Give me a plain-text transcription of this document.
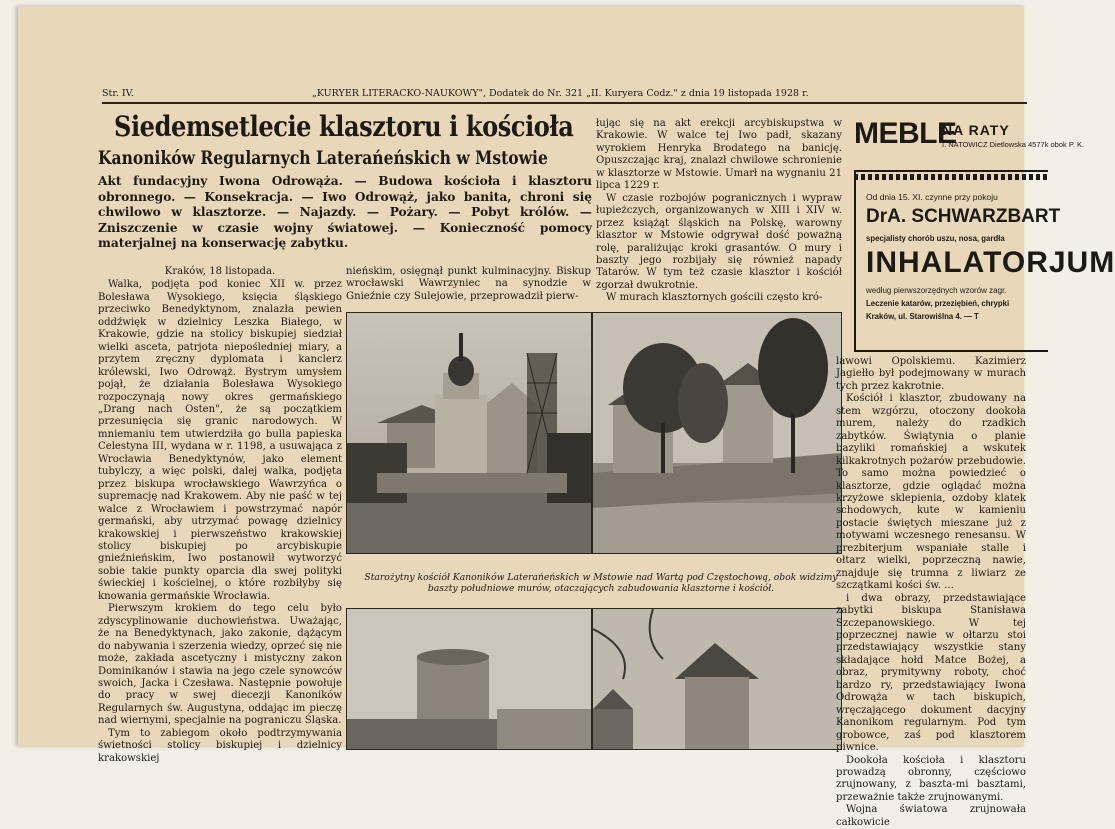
Str. IV.	„KURYER LITERACKO-NAUKOWY", Dodatek do Nr. 321 „II. Kuryera Codz." z dnia 19 listopada 1928 r.
Siedemsetlecie klasztoru i kościoła
Kanoników Regularnych Laterańeńskich w Mstowie
Akt fundacyjny Iwona Odrowąża. — Budowa kościoła i klasztoru obronnego. — Konsekracja. — Iwo Odrowąż, jako banita, chroni się chwilowo w klasztorze. — Najazdy. — Pożary. — Pobyt królów. — Zniszczenie w czasie wojny światowej. — Konieczność pomocy materjalnej na konserwację zabytku.

Kraków, 18 listopada.

Walka, podjęta pod koniec XII w. przez Bolesława Wysokiego, księcia śląskiego przeciwko Benedyktynom, znalazła pewien oddźwięk w dzielnicy Leszka Białego, w Krakowie, gdzie na stolicy biskupiej siedział wielki asceta, patrjota niepośledniej miary, a przytem zręczny dyplomata i kanclerz królewski, Iwo Odrowąż. Bystrym umysłem pojął, że działania Bolesława Wysokiego rozpoczynają nowy okres germańskiego „Drang nach Osten", że są początkiem przesunięcia się granic narodowych. W mniemaniu tem utwierdziła go bulla papieska Celestyna III, wydana w r. 1198, a usuwająca z Wrocławia Benedyktynów, jako element tubylczy, a więc polski, dalej walka, podjęta przez biskupa wrocławskiego Wawrzyńca o supremację nad Krakowem. Aby nie paść w tej walce z Wrocławiem i powstrzymać napór germański, aby utrzymać powagę dzielnicy krakowskiej i pierwszeństwo krakowskiej stolicy biskupiej po arcybiskupie gnieźnieńskim, Iwo postanowił wytworzyć sobie takie punkty oparcia dla swej polityki świeckiej i kościelnej, o które rozbiłyby się knowania germańskie Wrocławia.

Pierwszym krokiem do tego celu było zdyscyplinowanie duchowieństwa. Uważając, że na Benedyktynach, jako zakonie, dążącym do nabywania i szerzenia wiedzy, oprzeć się nie może, zakłada ascetyczny i mistyczny zakon Dominikanów i stawia na jego czele synowców swoich, Jacka i Czesława. Następnie powołuje do pracy w swej diecezji Kanoników Regularnych św. Augustyna, oddając im pieczę nad wiernymi, specjalnie na pograniczu Śląska.

Tym to zabiegom około podtrzymywania świetności stolicy biskupiej i dzielnicy krakowskiej

nieńskim, osięgnął punkt kulminacyjny. Biskup wrocławski Wawrzyniec na synodzie w Gnieźnie czy Sulejowie, przeprowadził pierw-

łując się na akt erekcji arcybiskupstwa w Krakowie. W walce tej Iwo padł, skazany wyrokiem Henryka Brodatego na banicję. Opuszczając kraj, znalazł chwilowe schronienie w klasztorze w Mstowie. Umarł na wygnaniu 21 lipca 1229 r.

W czasie rozbojów pogranicznych i wypraw łupieżczych, organizowanych w XIII i XIV w. przez książąt śląskich na Polskę, warowny klasztor w Mstowie odgrywał dość poważną rolę, paraliżując kroki grasantów. O mury i baszty jego rozbijały się również napady Tatarów. W tym też czasie klasztor i kościół zgorzał dwukrotnie.

W murach klasztornych gościli często kró-

Starożytny kościół Kanoników Laterańeńskich w Mstowie nad Wartą pod Częstochową, obok widzimy baszty południowe murów, otaczających zabudowania klasztorne i kościół.
MEBLE
NA RATY
I. NATOWICZ Dietlowska 4577k obok P. K.
Od dnia 15. XI. czynne przy pokoju
DrA. SCHWARZBART
specjalisty chorób uszu, nosa, gardła
INHALATORJUM
według pierwszorzędnych wzorów zagr.
Leczenie katarów, przeziębień, chrypki
Kraków, ul. Starowiślna 4. — T

lawowi Opolskiemu. Kazimierz Jagiełło był podejmowany w murach tych przez kakrotnie.

Kościół i klasztor, zbudowany na stem wzgórzu, otoczony dookoła murem, należy do rzadkich zabytków. Świątynia o planie bazyliki romańskiej a wskutek kilkakrotnych pożarów przebudowie. To samo można powiedzieć o klasztorze, gdzie oglądać można krzyżowe sklepienia, ozdoby klatek schodowych, kute w kamieniu postacie świętych mieszane już z motywami wczesnego renesansu. W prezbiterjum wspaniałe stalle i ołtarz wielki, poprzeczną nawie, znajduje się trumna z liwiarz ze szczątkami kości św. ...

i dwa obrazy, przedstawiające zabytki biskupa Stanisława Szczepanowskiego. W tej poprzecznej nawie w ołtarzu stoi przedstawiający wszystkie stany składające hołd Matce Bożej, a obraz, prymitywny roboty, choć bardzo ry, przedstawiający Iwona Odrowąża w tach biskupich, wręczającego dokument dacyjny Kanonikom regularnym. Pod tym grobowce, zaś pod klasztorem piwnice.

Dookoła kościoła i klasztoru prowadzą obronny, częściowo zrujnowany, z baszta-mi basztami, przeważnie także zrujnowanymi.

Wojna światowa zrujnowała całkowicie
